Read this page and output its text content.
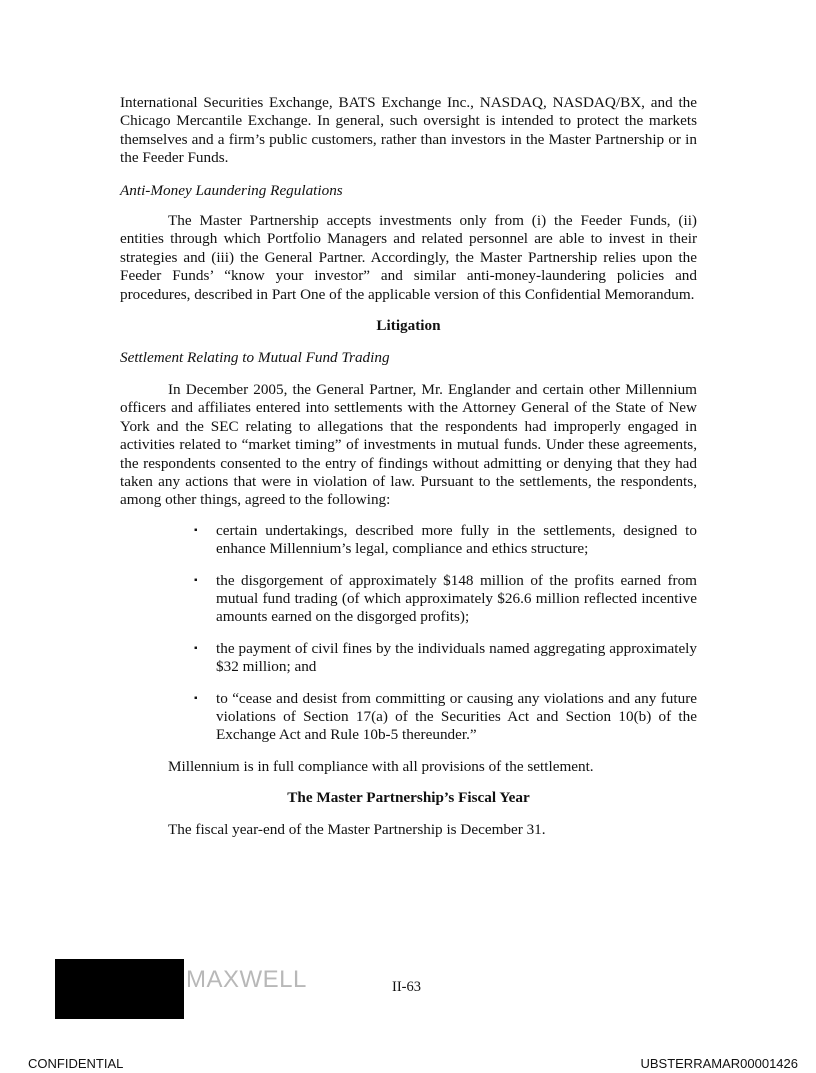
International Securities Exchange, BATS Exchange Inc., NASDAQ, NASDAQ/BX, and the Chicago Mercantile Exchange. In general, such oversight is intended to protect the markets themselves and a firm’s public customers, rather than investors in the Master Partnership or in the Feeder Funds.

Anti-Money Laundering Regulations

The Master Partnership accepts investments only from (i) the Feeder Funds, (ii) entities through which Portfolio Managers and related personnel are able to invest in their strategies and (iii) the General Partner. Accordingly, the Master Partnership relies upon the Feeder Funds’ “know your investor” and similar anti-money-laundering policies and procedures, described in Part One of the applicable version of this Confidential Memorandum.

Litigation

Settlement Relating to Mutual Fund Trading

In December 2005, the General Partner, Mr. Englander and certain other Millennium officers and affiliates entered into settlements with the Attorney General of the State of New York and the SEC relating to allegations that the respondents had improperly engaged in activities related to “market timing” of investments in mutual funds. Under these agreements, the respondents consented to the entry of findings without admitting or denying that they had taken any actions that were in violation of law. Pursuant to the settlements, the respondents, among other things, agreed to the following:

▪ certain undertakings, described more fully in the settlements, designed to enhance Millennium’s legal, compliance and ethics structure;
▪ the disgorgement of approximately $148 million of the profits earned from mutual fund trading (of which approximately $26.6 million reflected incentive amounts earned on the disgorged profits);
▪ the payment of civil fines by the individuals named aggregating approximately $32 million; and
▪ to “cease and desist from committing or causing any violations and any future violations of Section 17(a) of the Securities Act and Section 10(b) of the Exchange Act and Rule 10b-5 thereunder.”

Millennium is in full compliance with all provisions of the settlement.

The Master Partnership’s Fiscal Year

The fiscal year-end of the Master Partnership is December 31.

MAXWELL	II-63
CONFIDENTIAL	UBSTERRAMAR00001426
